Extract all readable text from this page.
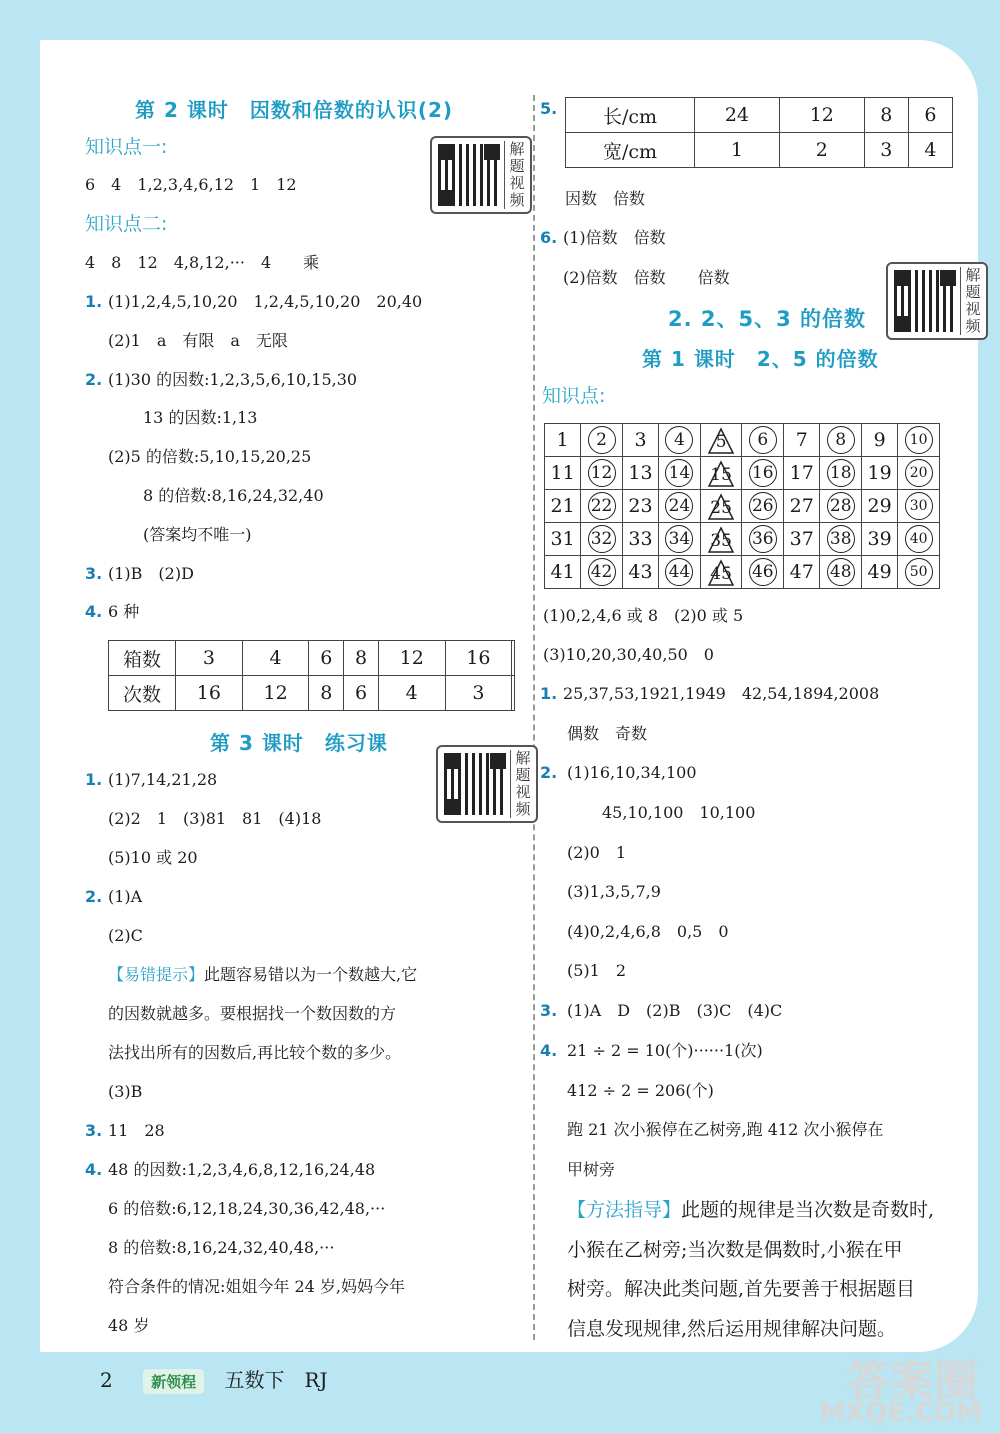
第 2 课时　因数和倍数的认识(2)
知识点一:
6　4　1,2,3,4,6,12　1　12
知识点二:
4　8　12　4,8,12,···　4　　乘
解题视频
1. (1)1,2,4,5,10,20　1,2,4,5,10,20　20,40
(2)1　a　有限　a　无限
2. (1)30 的因数:1,2,3,5,6,10,15,30
13 的因数:1,13
(2)5 的倍数:5,10,15,20,25
8 的倍数:8,16,24,32,40
(答案均不唯一)
3. (1)B　(2)D
4. 6 种
箱数	3	4	6	8	12	16	
次数	16	12	8	6	4	3	
第 3 课时　练习课
解题视频
1. (1)7,14,21,28
(2)2　1　(3)81　81　(4)18
(5)10 或 20
2. (1)A
(2)C
【易错提示】此题容易错以为一个数越大,它
的因数就越多。要根据找一个数因数的方
法找出所有的因数后,再比较个数的多少。
(3)B
3. 11　28
4. 48 的因数:1,2,3,4,6,8,12,16,24,48
6 的倍数:6,12,18,24,30,36,42,48,···
8 的倍数:8,16,24,32,40,48,···
符合条件的情况:姐姐今年 24 岁,妈妈今年
48 岁
5. 长/cm	24	12	8	6
宽/cm	1	2	3	4
因数　倍数
6. (1)倍数　倍数
(2)倍数　倍数　　倍数	解题视频
2. 2、5、3 的倍数
第 1 课时　2、5 的倍数
知识点:
1	2	3	4	5	6	7	8	9	10
11	12	13	14	15	16	17	18	19	20
21	22	23	24	25	26	27	28	29	30
31	32	33	34	35	36	37	38	39	40
41	42	43	44	45	46	47	48	49	50
(1)0,2,4,6 或 8　(2)0 或 5
(3)10,20,30,40,50　0
1. 25,37,53,1921,1949　42,54,1894,2008
偶数　奇数
2. (1)16,10,34,100
45,10,100　10,100
(2)0　1
(3)1,3,5,7,9
(4)0,2,4,6,8　0,5　0
(5)1　2
3. (1)A　D　(2)B　(3)C　(4)C
4. 21 ÷ 2 = 10(个)······1(次)
412 ÷ 2 = 206(个)
跑 21 次小猴停在乙树旁,跑 412 次小猴停在
甲树旁
【方法指导】此题的规律是当次数是奇数时,
小猴在乙树旁;当次数是偶数时,小猴在甲
树旁。解决此类问题,首先要善于根据题目
信息发现规律,然后运用规律解决问题。
2	新领程 五数下　RJ	答案圈
MXQE.COM
